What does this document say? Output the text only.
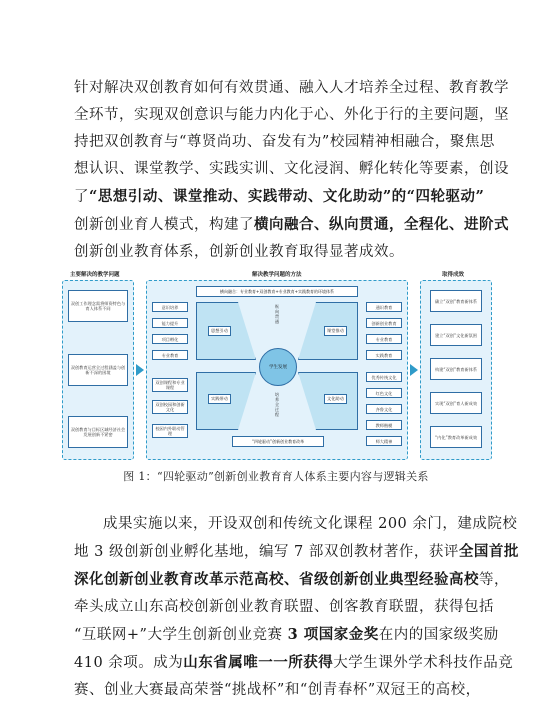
针对解决双创教育如何有效贯通、融入人才培养全过程、教育教学
全环节，实现双创意识与能力内化于心、外化于行的主要问题，坚
持把双创教育与“尊贤尚功、奋发有为”校园精神相融合，聚焦思
想认识、课堂教学、实践实训、文化浸润、孵化转化等要素，创设
了“思想引动、课堂推动、实践带动、文化助动”的“四轮驱动”
创新创业育人模式，构建了横向融合、纵向贯通，全程化、进阶式
创新创业教育体系，创新创业教育取得显著成效。
主要解决的教学问题	解决教学问题的方法	取得成效
双创工作理念需将师资特色与育人体系不同
双创教育运营全过程涵盖与创新不深的困境
双创教育与目标区域经济社会发展创新不紧密
横向融合：专业教育+双创教育+专业教育+实践教育的环境体系
意识培养
能力提升
项目孵化
专业教育
双创课程和专业课程
双创校园和创新文化
校园内外联动管理
思想引动	课堂推动
实践带动	文化助动
学生发展
纵向贯通
培养全过程
“四轮驱动”创新创业教育改革
通识教育
创新创业教育
专业教育
实践教育
优秀传统文化
红色文化
齐鲁文化
教师楷模
师大精神
确立“双创”教育新体系
建立“双创”文化新氛围
构建“双创”教育新体系
实现“双创”育人新成效
“内化”教育改革新成效
图 1：“四轮驱动”创新创业教育育人体系主要内容与逻辑关系
成果实施以来，开设双创和传统文化课程 200 余门，建成院校
地 3 级创新创业孵化基地，编写 7 部双创教材著作，获评全国首批
深化创新创业教育改革示范高校、省级创新创业典型经验高校等，
牵头成立山东高校创新创业教育联盟、创客教育联盟，获得包括
“互联网+”大学生创新创业竞赛 3 项国家金奖在内的国家级奖励
410 余项。成为山东省属唯一一所获得大学生课外学术科技作品竞
赛、创业大赛最高荣誉“挑战杯”和“创青春杯”双冠王的高校，
